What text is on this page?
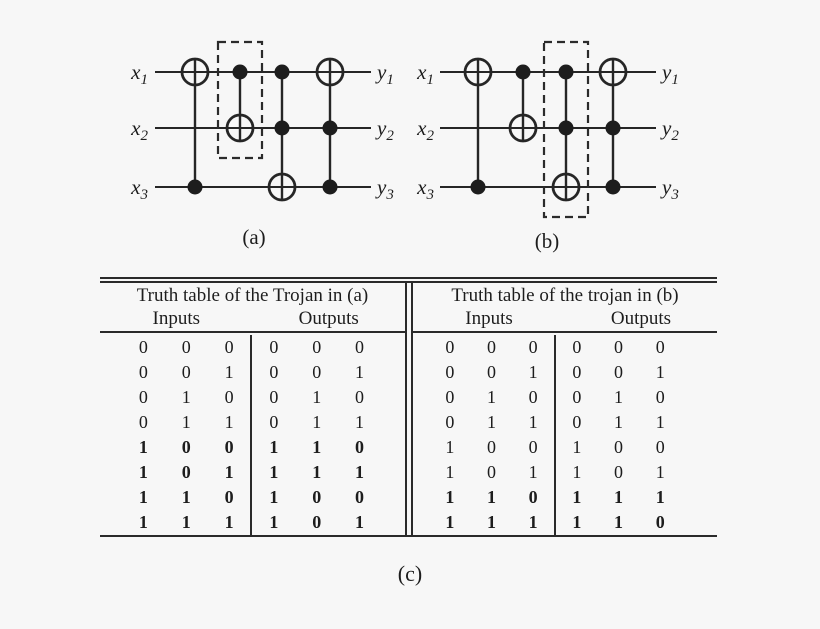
$x_1$	$y_1$
$x_2$	$y_2$
$x_3$	$y_3$
(a)
$x_1$	$y_1$
$x_2$	$y_2$
$x_3$	$y_3$
(b)
Truth table of the Trojan in (a)
Inputs	Outputs
0	0	0	0	0	0
0	0	1	0	0	1
0	1	0	0	1	0
0	1	1	0	1	1
1	0	0	1	1	0
1	0	1	1	1	1
1	1	0	1	0	0
1	1	1	1	0	1
Truth table of the trojan in (b)
Inputs	Outputs
0	0	0	0	0	0
0	0	1	0	0	1
0	1	0	0	1	0
0	1	1	0	1	1
1	0	0	1	0	0
1	0	1	1	0	1
1	1	0	1	1	1
1	1	1	1	1	0
(c)
